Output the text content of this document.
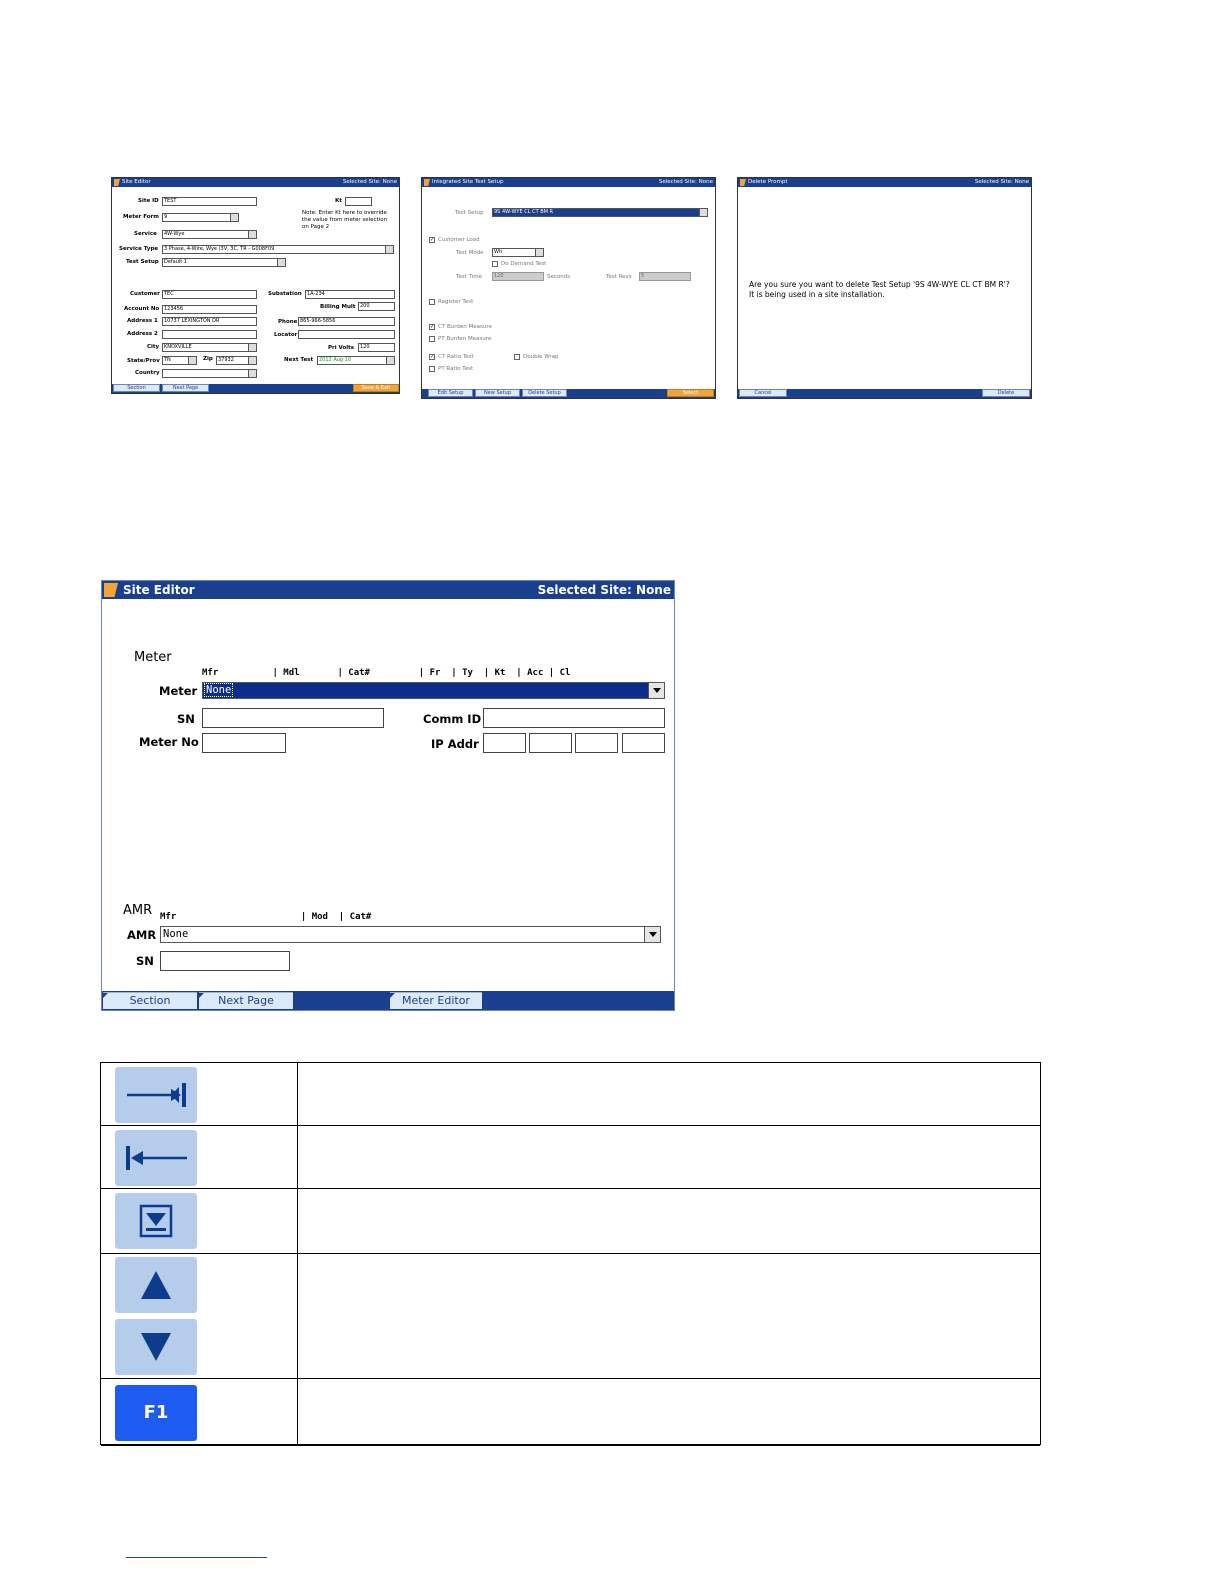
Site Editor	Selected Site: None
Site ID	TEST	Kt
Note: Enter Kt here to override
the value from meter selection
on Page 2
Meter Form	9
Service	4W-Wye
Service Type	3 Phase, 4-Wire, Wye (3V, 3C, TR - G008F09
Test Setup	Default 1
Customer TEC
Account No 123456
Address 1	10737 LEXINGTON DR
Address 2
City KNOXVILLE
State/Prov TN	Zip	37932
Country
Substation	1A-234
Billing Mult 200
Phone 865-966-5856
Locator
Pri Volts	120
Next Test	2012 Aug 10
Section	Next Page	Save & Exit
Integrated Site Test Setup	Selected Site: None
Test Setup	9S 4W-WYE CL CT BM R
✓ Customer Load
Test Mode	Wh
Do Demand Test
Test Time	120	Seconds	Test Revs	5
Register Test
✓ CT Burden Measure
PT Burden Measure
✓ CT Ratio Test	Double Wrap
PT Ratio Test
Edit Setup	New Setup	Delete Setup	Select
Delete Prompt	Selected Site: None
Are you sure you want to delete Test Setup '9S 4W-WYE CL CT BM R'?
It is being used in a site installation.
Cancel	Delete
Site Editor	Selected Site: None
Meter
Mfr          | Mdl       | Cat#         | Fr  | Ty  | Kt  | Acc | Cl
Meter None
SN	Comm ID
Meter No	IP Addr
AMR Mfr                       | Mod  | Cat#
AMR None
SN
Section	Next Page	Meter Editor
F1
